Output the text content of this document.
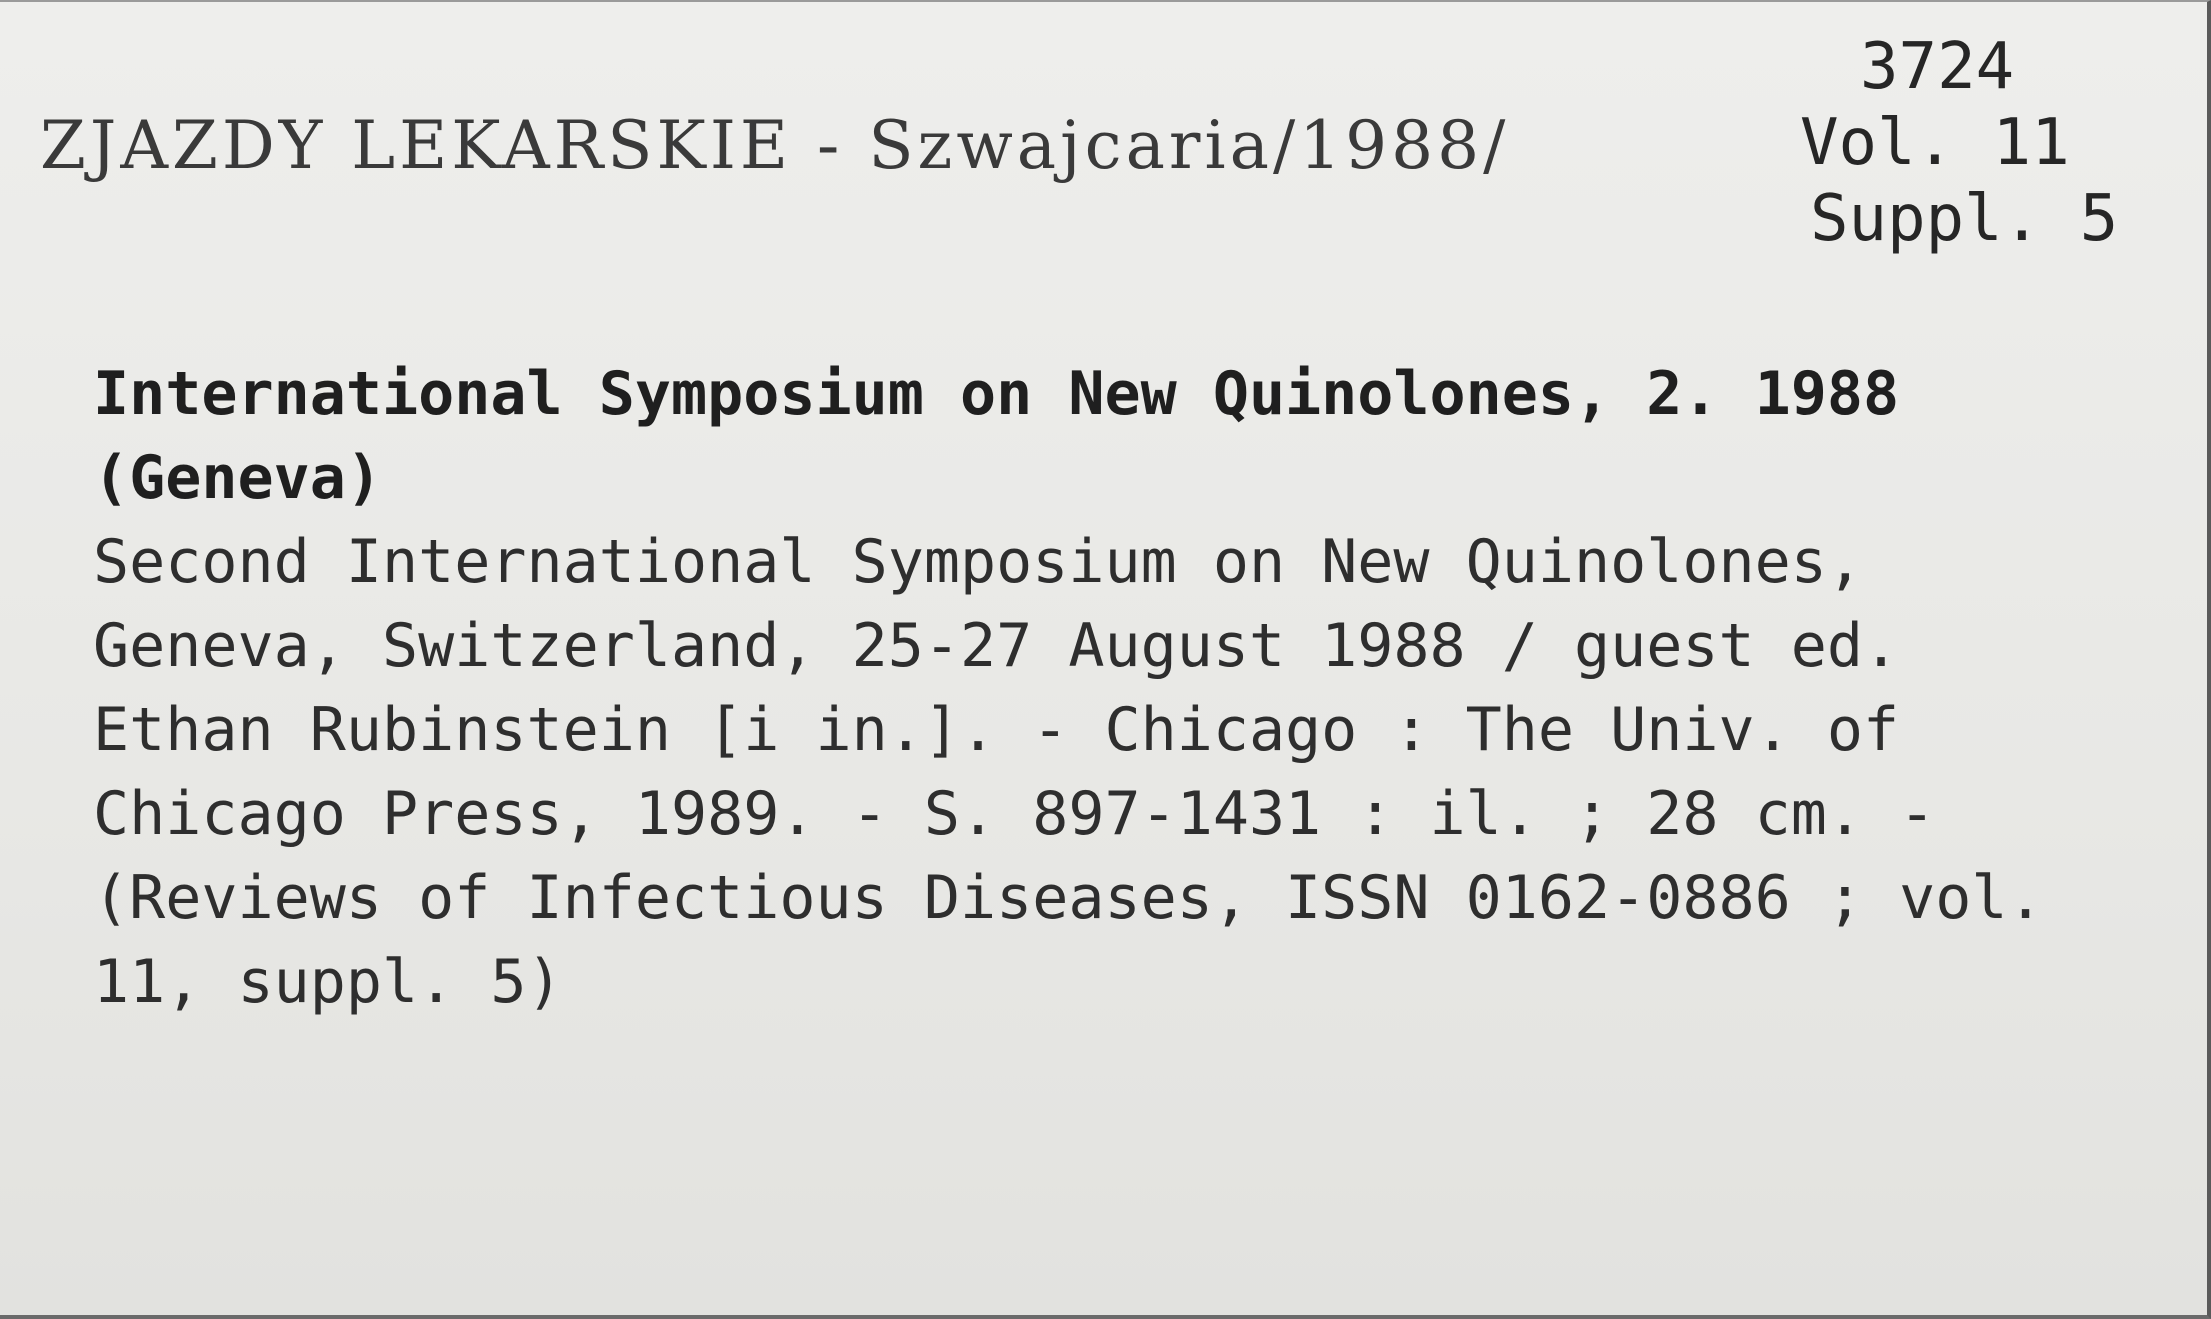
ZJAZDY LEKARSKIE - Szwajcaria/1988/
3724
Vol. 11
Suppl. 5
International Symposium on New Quinolones, 2. 1988
(Geneva)
Second International Symposium on New Quinolones,
Geneva, Switzerland, 25-27 August 1988 / guest ed.
Ethan Rubinstein [i in.]. - Chicago : The Univ. of
Chicago Press, 1989. - S. 897-1431 : il. ; 28 cm. -
(Reviews of Infectious Diseases, ISSN 0162-0886 ; vol.
11, suppl. 5)
